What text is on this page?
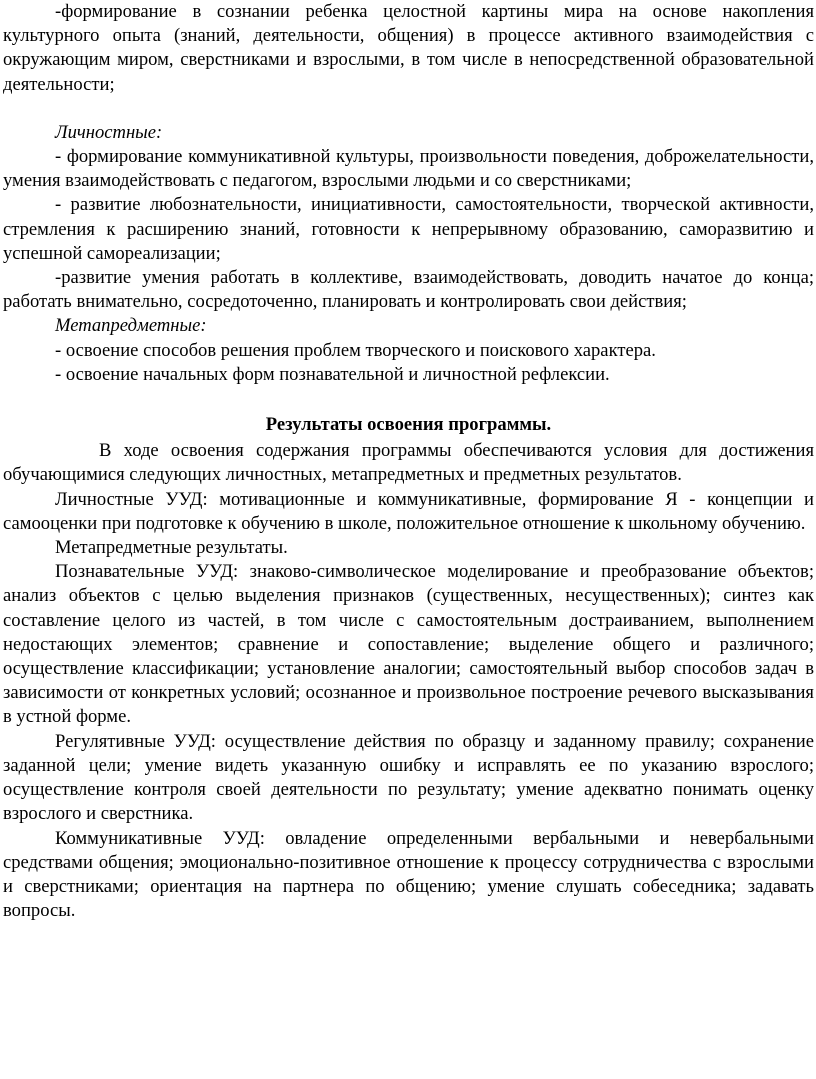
-формирование в сознании ребенка целостной картины мира на основе накопления культурного опыта (знаний, деятельности, общения) в процессе активного взаимодействия с окружающим миром, сверстниками и взрослыми, в том числе в непосредственной образовательной деятельности;

Личностные:

- формирование коммуникативной культуры, произвольности поведения, доброжелательности, умения взаимодействовать с педагогом, взрослыми людьми и со сверстниками;

- развитие любознательности, инициативности, самостоятельности, творческой активности, стремления к расширению знаний, готовности к непрерывному образованию, саморазвитию и успешной самореализации;

-развитие умения работать в коллективе, взаимодействовать, доводить начатое до конца; работать внимательно, сосредоточенно, планировать и контролировать свои действия;

Метапредметные:

- освоение способов решения проблем творческого и поискового характера.

- освоение начальных форм познавательной и личностной рефлексии.

Результаты освоения программы.

В ходе освоения содержания программы обеспечиваются условия для достижения обучающимися следующих личностных, метапредметных и предметных результатов.

Личностные УУД: мотивационные и коммуникативные, формирование Я - концепции и самооценки при подготовке к обучению в школе, положительное отношение к школьному обучению.

Метапредметные результаты.

Познавательные УУД: знаково-символическое моделирование и преобразование объектов; анализ объектов с целью выделения признаков (существенных, несущественных); синтез как составление целого из частей, в том числе с самостоятельным достраиванием, выполнением недостающих элементов; сравнение и сопоставление; выделение общего и различного; осуществление классификации; установление аналогии; самостоятельный выбор способов задач в зависимости от конкретных условий; осознанное и произвольное построение речевого высказывания в устной форме.

Регулятивные УУД: осуществление действия по образцу и заданному правилу; сохранение заданной цели; умение видеть указанную ошибку и исправлять ее по указанию взрослого; осуществление контроля своей деятельности по результату; умение адекватно понимать оценку взрослого и сверстника.

Коммуникативные УУД: овладение определенными вербальными и невербальными средствами общения; эмоционально-позитивное отношение к процессу сотрудничества с взрослыми и сверстниками; ориентация на партнера по общению; умение слушать собеседника; задавать вопросы.
